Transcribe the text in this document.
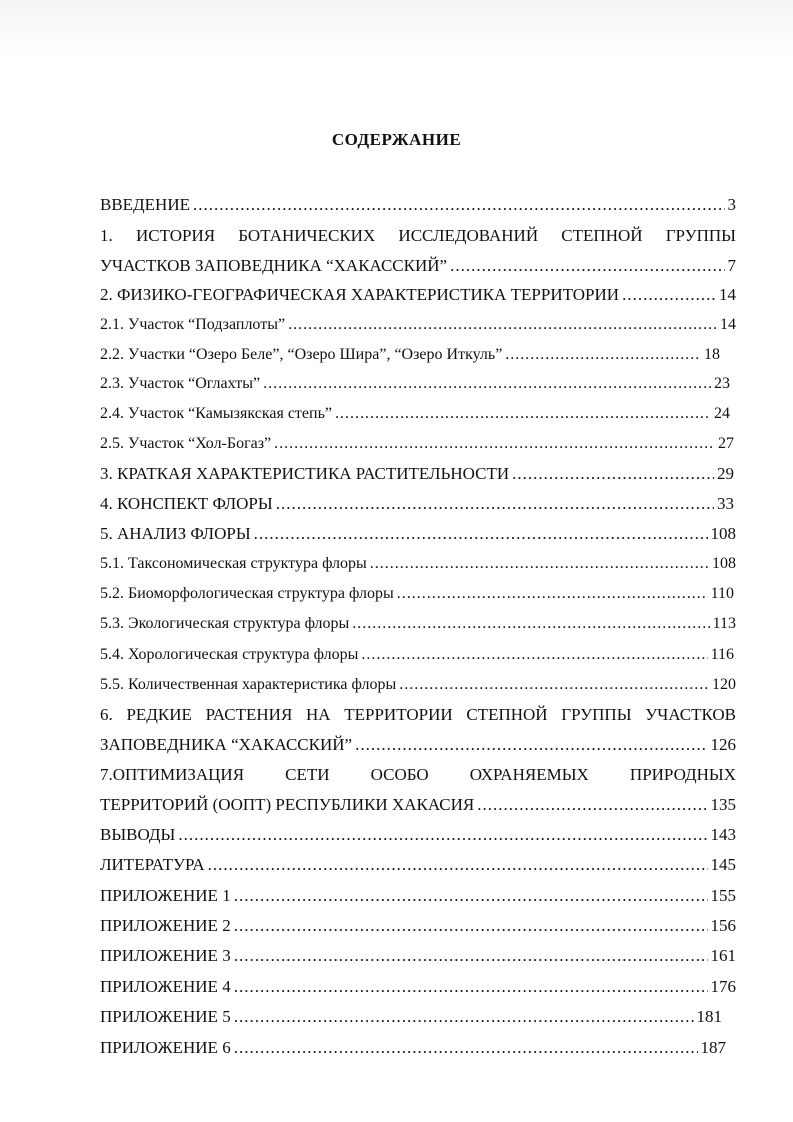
СОДЕРЖАНИЕ
ВВЕДЕНИЕ .....	3
1. ИСТОРИЯ БОТАНИЧЕСКИХ ИССЛЕДОВАНИЙ СТЕПНОЙ ГРУППЫ
УЧАСТКОВ ЗАПОВЕДНИКА “ХАКАССКИЙ” .....	7
2. ФИЗИКО-ГЕОГРАФИЧЕСКАЯ ХАРАКТЕРИСТИКА ТЕРРИТОРИИ .....	14
2.1. Участок “Подзаплоты” .....	14
2.2. Участки “Озеро Беле”, “Озеро Шира”, “Озеро Иткуль” .....	18
2.3. Участок “Оглахты” .....	23
2.4. Участок “Камызякская степь” .....	24
2.5. Участок “Хол-Богаз” .....	27
3. КРАТКАЯ ХАРАКТЕРИСТИКА РАСТИТЕЛЬНОСТИ .....	29
4. КОНСПЕКТ ФЛОРЫ .....	33
5. АНАЛИЗ ФЛОРЫ .....	108
5.1. Таксономическая структура флоры .....	108
5.2. Биоморфологическая структура флоры .....	110
5.3. Экологическая структура флоры .....	113
5.4. Хорологическая структура флоры .....	116
5.5. Количественная характеристика флоры .....	120
6. РЕДКИЕ РАСТЕНИЯ НА ТЕРРИТОРИИ СТЕПНОЙ ГРУППЫ УЧАСТКОВ
ЗАПОВЕДНИКА “ХАКАССКИЙ” .....	126
7.ОПТИМИЗАЦИЯ СЕТИ ОСОБО ОХРАНЯЕМЫХ ПРИРОДНЫХ
ТЕРРИТОРИЙ (ООПТ) РЕСПУБЛИКИ ХАКАСИЯ .....	135
ВЫВОДЫ .....	143
ЛИТЕРАТУРА .....	145
ПРИЛОЖЕНИЕ 1 .....	155
ПРИЛОЖЕНИЕ 2 .....	156
ПРИЛОЖЕНИЕ 3 .....	161
ПРИЛОЖЕНИЕ 4 .....	176
ПРИЛОЖЕНИЕ 5 .....	181
ПРИЛОЖЕНИЕ 6 .....	187
